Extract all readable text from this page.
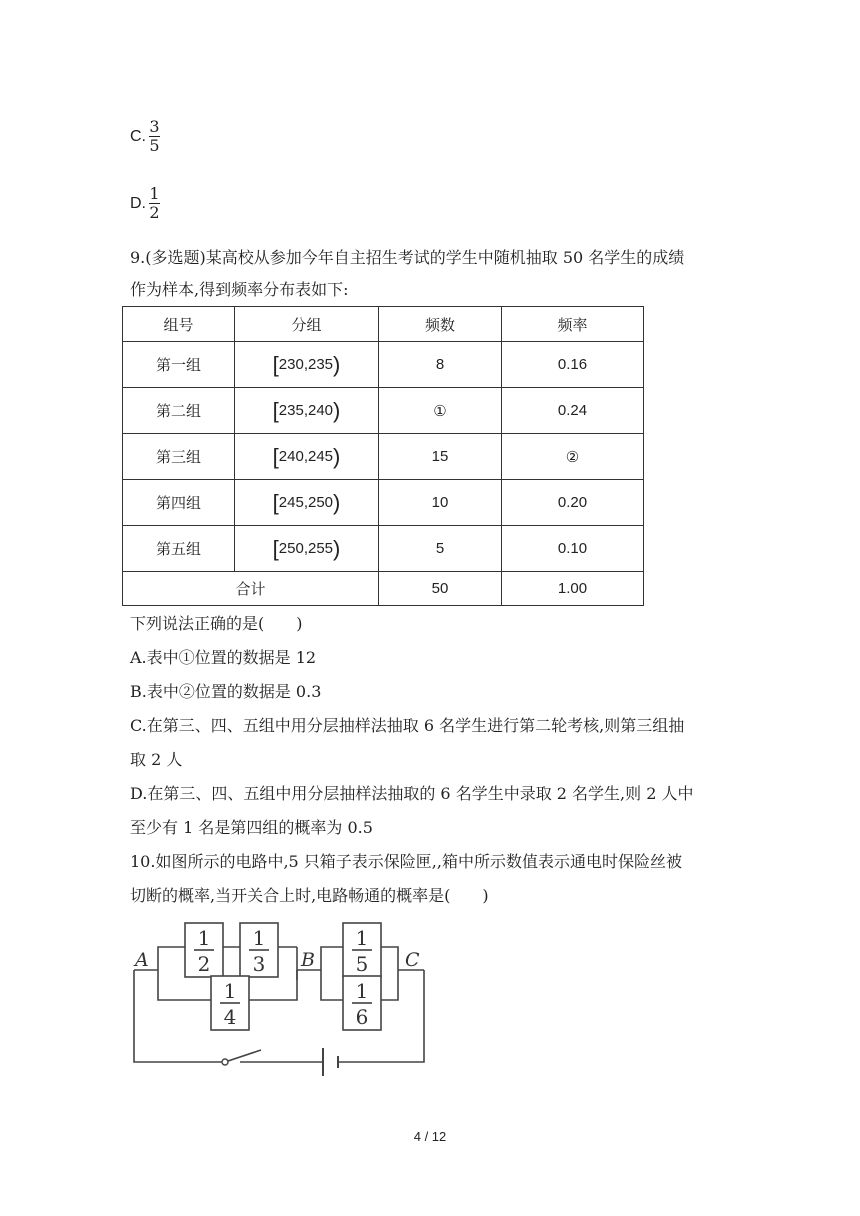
C. $\frac{3}{5}$
D. $\frac{1}{2}$
9.(多选题)某高校从参加今年自主招生考试的学生中随机抽取 50 名学生的成绩
作为样本,得到频率分布表如下:
组号	分组	频数	频率
第一组	[230,235)	8	0.16
第二组	[235,240)	①	0.24
第三组	[240,245)	15	②
第四组	[245,250)	10	0.20
第五组	[250,255)	5	0.10
合计		50	1.00
下列说法正确的是(　　)
A.表中①位置的数据是 12
B.表中②位置的数据是 0.3
C.在第三、四、五组中用分层抽样法抽取 6 名学生进行第二轮考核,则第三组抽
取 2 人
D.在第三、四、五组中用分层抽样法抽取的 6 名学生中录取 2 名学生,则 2 人中
至少有 1 名是第四组的概率为 0.5
10.如图所示的电路中,5 只箱子表示保险匣,,箱中所示数值表示通电时保险丝被
切断的概率,当开关合上时,电路畅通的概率是(　　)
1
2
1
3
1
4
1
5
1
6
A	B	C
4 / 12
